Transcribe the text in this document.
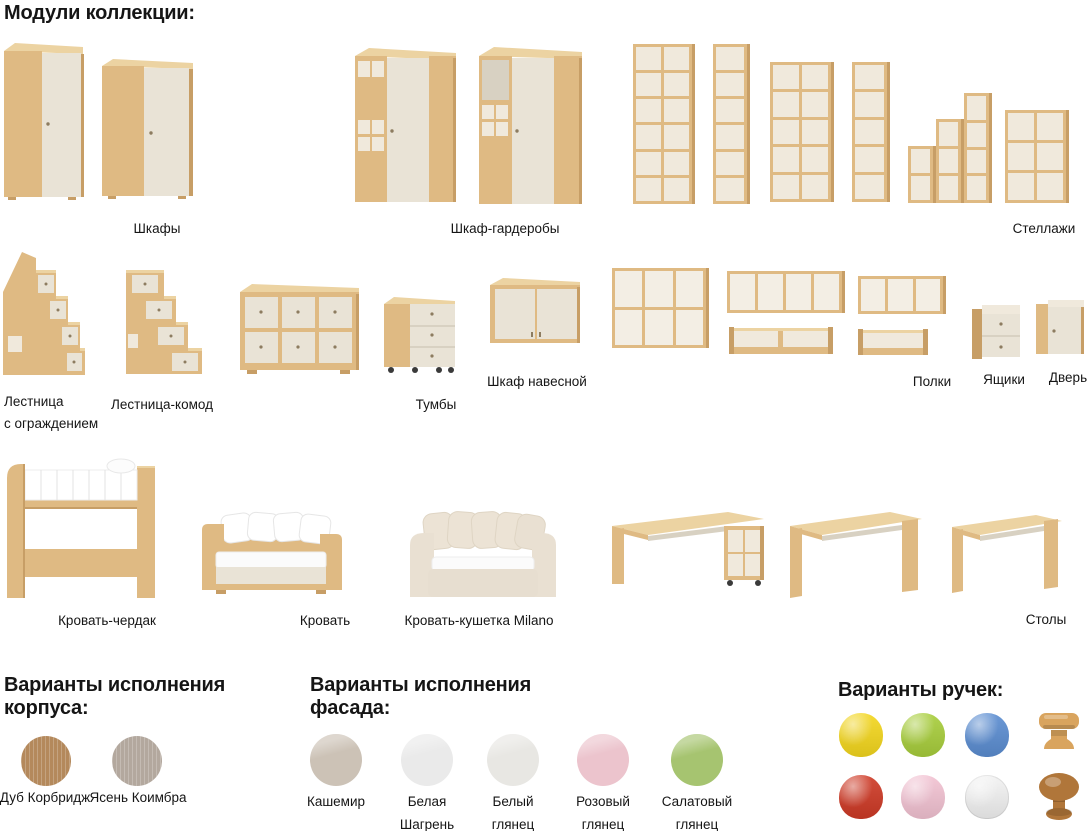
Модули коллекции:
Шкафы	Шкаф-гардеробы	Стеллажи
Лестница
с ограждением
Лестница-комод	Тумбы
Шкаф навесной	Полки Ящики Дверь
Кровать-чердак	Кровать	Кровать-кушетка Milano	Столы
Варианты исполнения
корпуса:
Дуб Корбридж Ясень Коимбра
Варианты исполнения
фасада:
Кашемир	Белая
Шагрень
Белый
глянец
Розовый
глянец
Салатовый
глянец
Варианты ручек:
